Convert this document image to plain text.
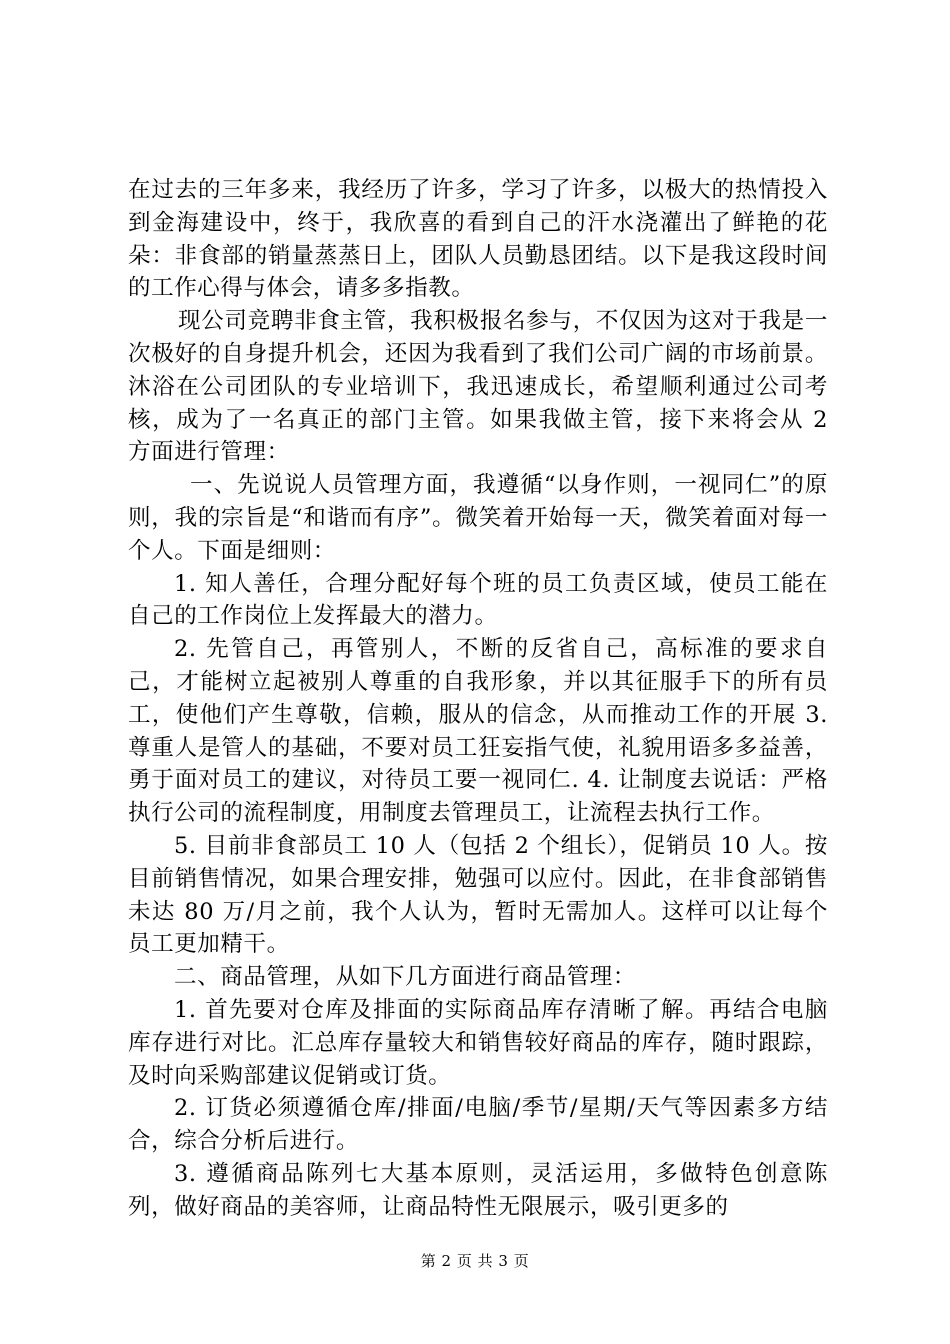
在过去的三年多来，我经历了许多，学习了许多，以极大的热情投入到金海建设中，终于，我欣喜的看到自己的汗水浇灌出了鲜艳的花朵：非食部的销量蒸蒸日上，团队人员勤恳团结。以下是我这段时间的工作心得与体会，请多多指教。

现公司竞聘非食主管，我积极报名参与，不仅因为这对于我是一次极好的自身提升机会，还因为我看到了我们公司广阔的市场前景。沐浴在公司团队的专业培训下，我迅速成长，希望顺利通过公司考核，成为了一名真正的部门主管。如果我做主管，接下来将会从 2 方面进行管理：

一、先说说人员管理方面，我遵循“以身作则，一视同仁”的原则，我的宗旨是“和谐而有序”。微笑着开始每一天，微笑着面对每一个人。下面是细则：

1. 知人善任，合理分配好每个班的员工负责区域，使员工能在自己的工作岗位上发挥最大的潜力。

2. 先管自己，再管别人，不断的反省自己，高标准的要求自己，才能树立起被别人尊重的自我形象，并以其征服手下的所有员工，使他们产生尊敬，信赖，服从的信念，从而推动工作的开展 3. 尊重人是管人的基础，不要对员工狂妄指气使，礼貌用语多多益善，勇于面对员工的建议，对待员工要一视同仁. 4. 让制度去说话：严格执行公司的流程制度，用制度去管理员工，让流程去执行工作。

5. 目前非食部员工 10 人（包括 2 个组长），促销员 10 人。按目前销售情况，如果合理安排，勉强可以应付。因此，在非食部销售未达 80 万/月之前，我个人认为，暂时无需加人。这样可以让每个员工更加精干。

二、商品管理，从如下几方面进行商品管理：

1. 首先要对仓库及排面的实际商品库存清晰了解。再结合电脑库存进行对比。汇总库存量较大和销售较好商品的库存，随时跟踪，及时向采购部建议促销或订货。

2. 订货必须遵循仓库/排面/电脑/季节/星期/天气等因素多方结合，综合分析后进行。

3. 遵循商品陈列七大基本原则，灵活运用，多做特色创意陈列，做好商品的美容师，让商品特性无限展示，吸引更多的

第 2 页 共 3 页
